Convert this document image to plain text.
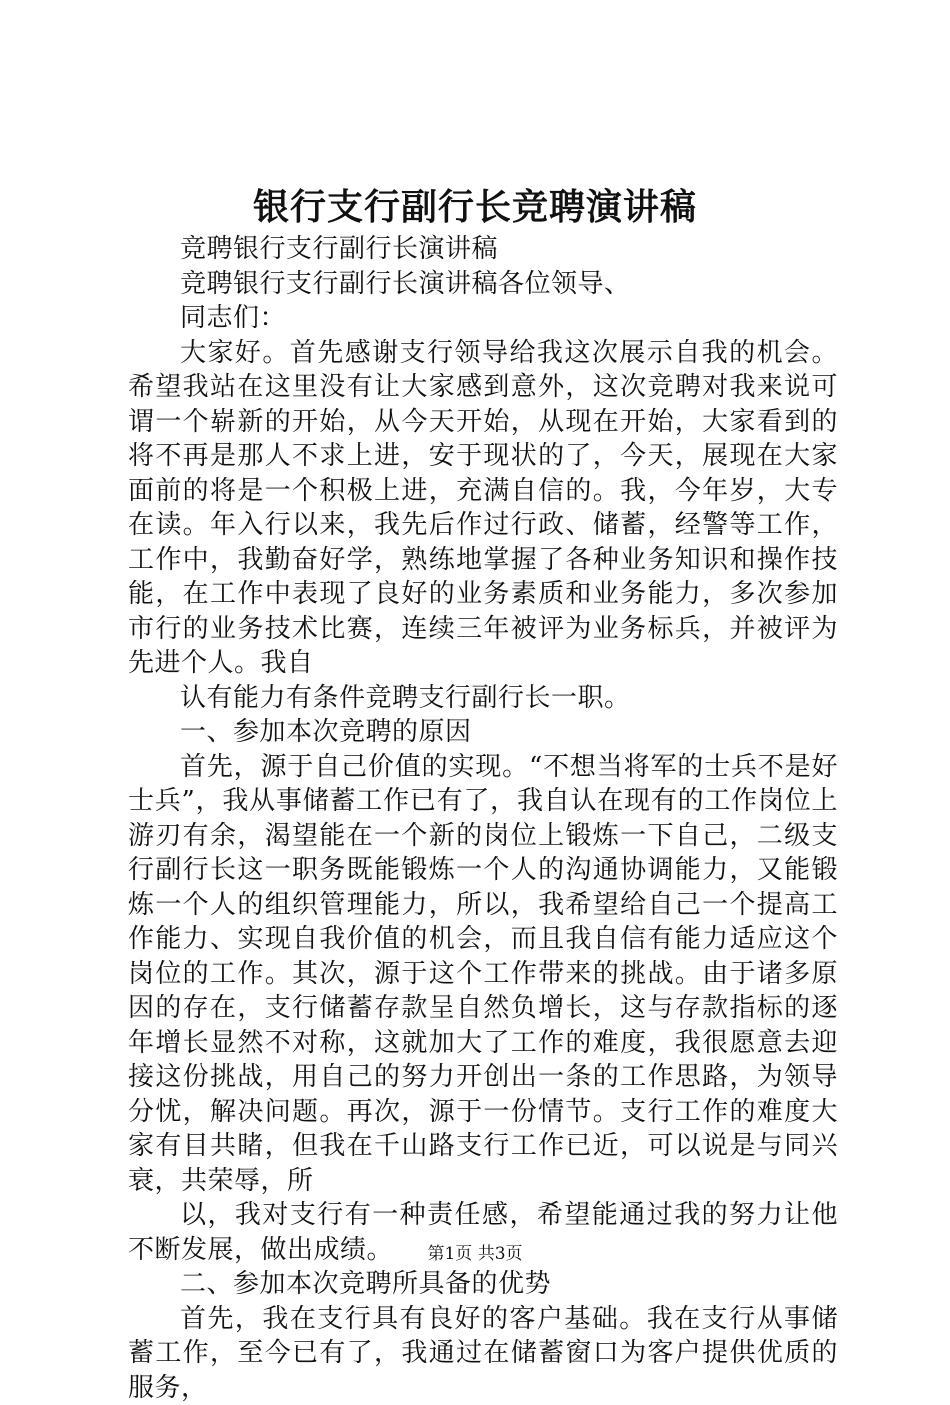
银行支行副行长竞聘演讲稿

竞聘银行支行副行长演讲稿

竞聘银行支行副行长演讲稿各位领导、

同志们：

大家好。首先感谢支行领导给我这次展示自我的机会。希望我站在这里没有让大家感到意外，这次竞聘对我来说可谓一个崭新的开始，从今天开始，从现在开始，大家看到的将不再是那人不求上进，安于现状的了，今天，展现在大家面前的将是一个积极上进，充满自信的。我，今年岁，大专在读。年入行以来，我先后作过行政、储蓄，经警等工作，工作中，我勤奋好学，熟练地掌握了各种业务知识和操作技能，在工作中表现了良好的业务素质和业务能力，多次参加市行的业务技术比赛，连续三年被评为业务标兵，并被评为先进个人。我自

认有能力有条件竞聘支行副行长一职。

一、参加本次竞聘的原因

首先，源于自己价值的实现。“不想当将军的士兵不是好士兵”，我从事储蓄工作已有了，我自认在现有的工作岗位上游刃有余，渴望能在一个新的岗位上锻炼一下自己，二级支行副行长这一职务既能锻炼一个人的沟通协调能力，又能锻炼一个人的组织管理能力，所以，我希望给自己一个提高工作能力、实现自我价值的机会，而且我自信有能力适应这个岗位的工作。其次，源于这个工作带来的挑战。由于诸多原因的存在，支行储蓄存款呈自然负增长，这与存款指标的逐年增长显然不对称，这就加大了工作的难度，我很愿意去迎接这份挑战，用自己的努力开创出一条的工作思路，为领导分忧，解决问题。再次，源于一份情节。支行工作的难度大家有目共睹，但我在千山路支行工作已近，可以说是与同兴衰，共荣辱，所

以，我对支行有一种责任感，希望能通过我的努力让他不断发展，做出成绩。

二、参加本次竞聘所具备的优势

首先，我在支行具有良好的客户基础。我在支行从事储蓄工作，至今已有了，我通过在储蓄窗口为客户提供优质的服务，

第1页 共3页
